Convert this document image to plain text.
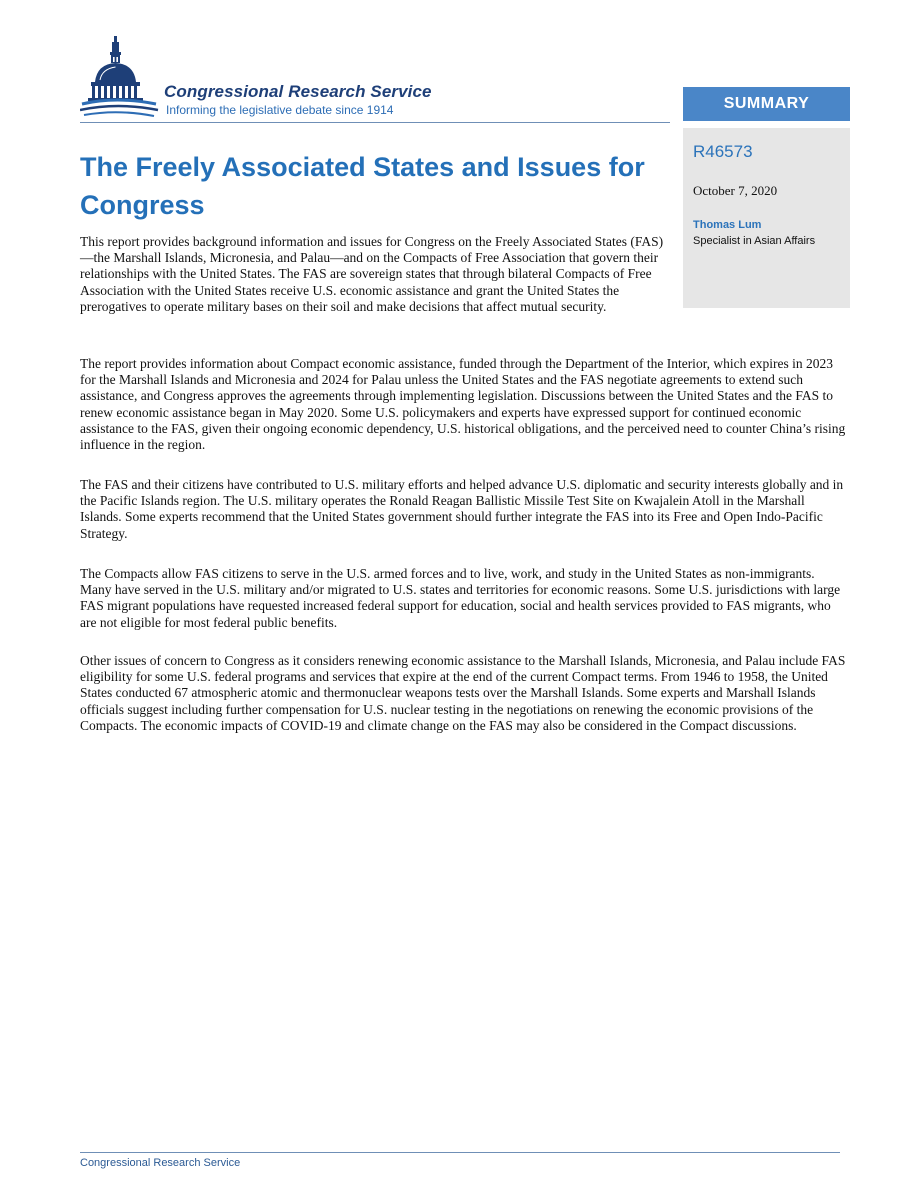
Congressional Research Service

Informing the legislative debate since 1914	SUMMARY

R46573

October 7, 2020

Thomas Lum

Specialist in Asian Affairs

The Freely Associated States and Issues for Congress

This report provides background information and issues for Congress on the Freely Associated States (FAS)—the Marshall Islands, Micronesia, and Palau—and on the Compacts of Free Association that govern their relationships with the United States. The FAS are sovereign states that through bilateral Compacts of Free Association with the United States receive U.S. economic assistance and grant the United States the prerogatives to operate military bases on their soil and make decisions that affect mutual security.

The report provides information about Compact economic assistance, funded through the Department of the Interior, which expires in 2023 for the Marshall Islands and Micronesia and 2024 for Palau unless the United States and the FAS negotiate agreements to extend such assistance, and Congress approves the agreements through implementing legislation. Discussions between the United States and the FAS to renew economic assistance began in May 2020. Some U.S. policymakers and experts have expressed support for continued economic assistance to the FAS, given their ongoing economic dependency, U.S. historical obligations, and the perceived need to counter China’s rising influence in the region.

The FAS and their citizens have contributed to U.S. military efforts and helped advance U.S. diplomatic and security interests globally and in the Pacific Islands region. The U.S. military operates the Ronald Reagan Ballistic Missile Test Site on Kwajalein Atoll in the Marshall Islands. Some experts recommend that the United States government should further integrate the FAS into its Free and Open Indo-Pacific Strategy.

The Compacts allow FAS citizens to serve in the U.S. armed forces and to live, work, and study in the United States as non-immigrants. Many have served in the U.S. military and/or migrated to U.S. states and territories for economic reasons. Some U.S. jurisdictions with large FAS migrant populations have requested increased federal support for education, social and health services provided to FAS migrants, who are not eligible for most federal public benefits.

Other issues of concern to Congress as it considers renewing economic assistance to the Marshall Islands, Micronesia, and Palau include FAS eligibility for some U.S. federal programs and services that expire at the end of the current Compact terms. From 1946 to 1958, the United States conducted 67 atmospheric atomic and thermonuclear weapons tests over the Marshall Islands. Some experts and Marshall Islands officials suggest including further compensation for U.S. nuclear testing in the negotiations on renewing the economic provisions of the Compacts. The economic impacts of COVID-19 and climate change on the FAS may also be considered in the Compact discussions.

Congressional Research Service
